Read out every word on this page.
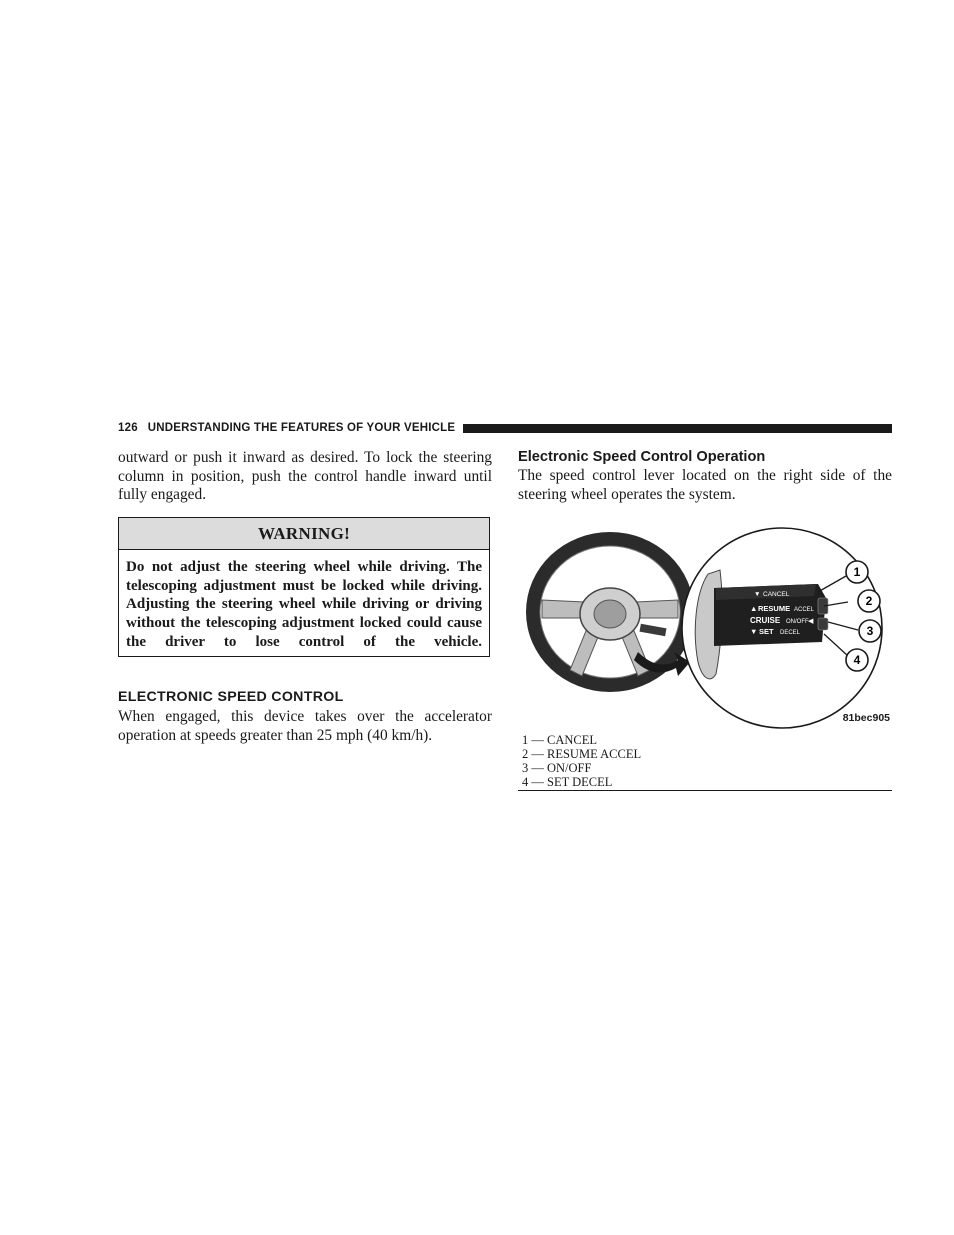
126 UNDERSTANDING THE FEATURES OF YOUR VEHICLE
outward or push it inward as desired. To lock the steering column in position, push the control handle inward until fully engaged.
WARNING!
Do not adjust the steering wheel while driving. The telescoping adjustment must be locked while driving. Adjusting the steering wheel while driving or driving without the telescoping adjustment locked could cause the driver to lose control of the vehicle.
ELECTRONIC SPEED CONTROL
When engaged, this device takes over the accelerator operation at speeds greater than 25 mph (40 km/h).
Electronic Speed Control Operation
The speed control lever located on the right side of the steering wheel operates the system.
▼ CANCEL
▲ RESUME ACCEL
CRUISE ON/OFF ◀
▼ SET DECEL
1
2
3
4
81bec905
1 — CANCEL
2 — RESUME ACCEL
3 — ON/OFF
4 — SET DECEL
